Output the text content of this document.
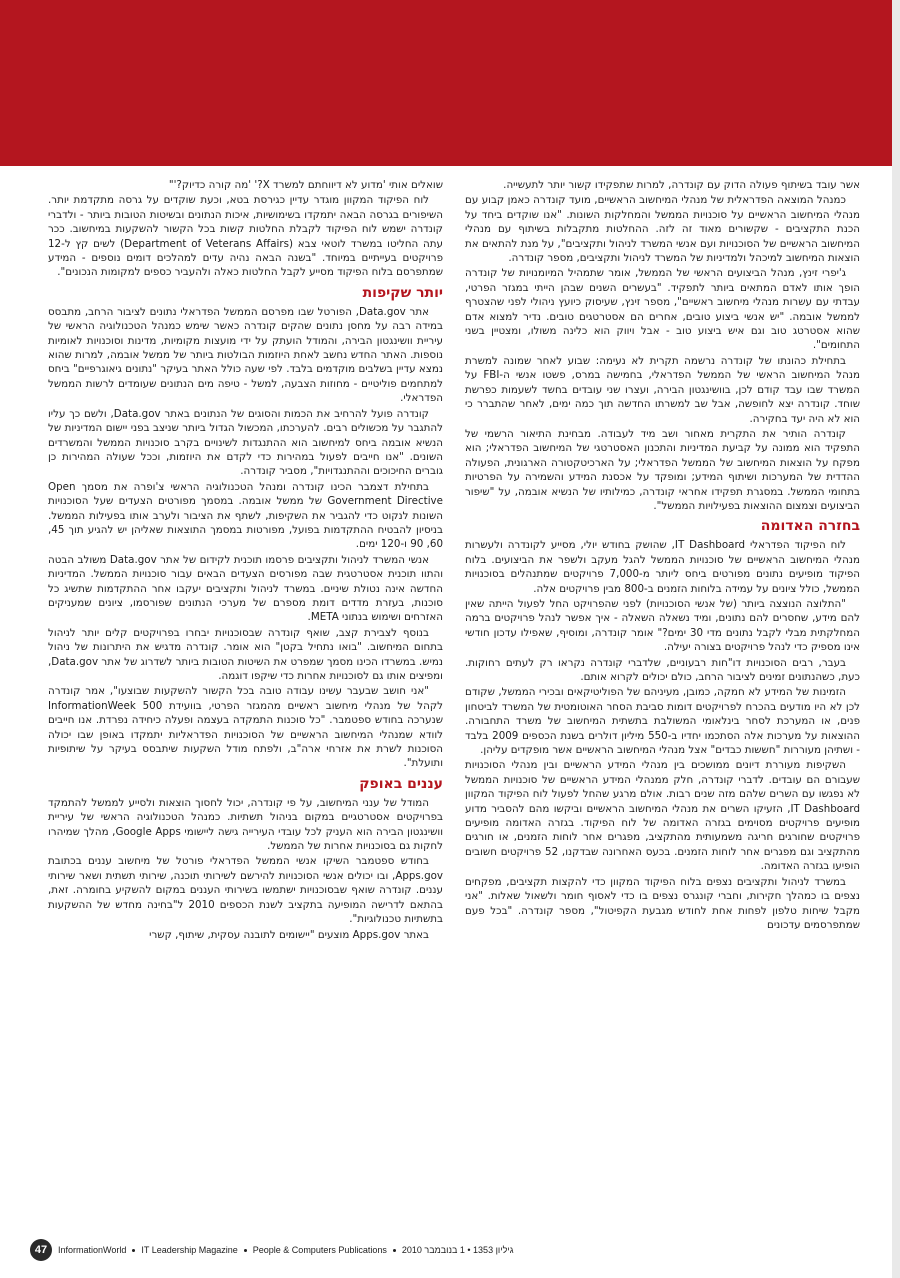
אשר עובד בשיתוף פעולה הדוק עם קונדרה, למרות שתפקידו קשור יותר לתעשייה.

כמנהל המוצאה הפדראלית של מנהלי המיחשוב הראשיים, מועד קונדרה כאמן קבוע עם מנהלי המיחשוב הראשיים על סוכנויות הממשל והמחלקות השונות. "אנו שוקדים ביחד על הכנת התקציבים - שקשורים מאוד זה לזה. ההחלטות מתקבלות בשיתוף עם מנהלי המיחשוב הראשיים של הסוכנויות ועם אנשי המשרד לניהול ותקציבים", על מנת להתאים את הוצאות המיחשוב למיכהל ולמדיניות של המשרד לניהול ותקציבים, מספר קונדרה.

ג'יפרי זינץ, מנהל הביצועים הראשי של הממשל, אומר שתמהיל המיומנויות של קונדרה הופך אותו לאדם המתאים ביותר לתפקיד. "בעשרים השנים שבהן הייתי במגזר הפרטי, עבדתי עם עשרות מנהלי מיחשוב ראשיים", מספר זינץ, שעיסוק כיועץ ניהולי לפני שהצטרף לממשל אובמה. "יש אנשי ביצוע טובים, אחרים הם אסטרטגים טובים. נדיר למצוא אדם שהוא אסטרטג טוב וגם איש ביצוע טוב - אבל ויווק הוא כלינה משולו, ומצטיין בשני התחומים".

בתחילת כהונתו של קונדרה נרשמה תקרית לא נעימה: שבוע לאחר שמונה למשרת מנהל המיחשוב הראשי של הממשל הפדראלי, בחמישה במרס, פשטו אנשי ה-FBI על המשרד שבו עבד קודם לכן, בוושינגטון הבירה, ועצרו שני עובדים בחשד לשעמות כפרשת שוחד. קונדרה יצא לחופשה, אבל שב למשרתו החדשה תוך כמה ימים, לאחר שהתברר כי הוא לא היה יעד בחקירה.

קונדרה הותיר את התקרית מאחור ושב מיד לעבודה. מבחינת התיאור הרשמי של התפקיד הוא ממונה על קביעת המדיניות והתכנון האסטרטגי של המיחשוב הפדראלי; הוא מפקח על הוצאות המיחשוב של הממשל הפדראלי; על הארכיטקטורה הארגונית, הפעולה ההדדית של המערכות ושיתוף המידע; ומופקד על אכסנת המידע והשמירה על הפרטיות בתחומי הממשל. במסגרת תפקידו אחראי קונדרה, כמילותיו של הנשיא אובמה, על "שיפור הביצועים וצמצום ההוצאות בפעילויות הממשל".

בחזרה האדומה

לוח הפיקוד הפדראלי IT Dashboard, שהושק בחודש יולי, מסייע לקונדרה ולעשרות מנהלי המיחשוב הראשיים של סוכנויות הממשל להגל מעקב ולשפר את הביצועים. בלוח הפיקוד מופיעים נתונים מפורטים ביחס ליותר מ-7,000 פרויקטים שמתנהלים בסוכנויות הממשל, כולל ציונים על עמידה בלוחות הזמנים ב-800 מבין פרויקטים אלה.

"התלוצה הנוצצה ביותר (של אנשי הסוכנויות) לפני שהפרויקט החל לפעול הייתה שאין להם מידע, שחסרים להם נתונים, ומיד נשאלה השאלה - איך אפשר לנהל פרויקטים ברמה המחלקתית מבלי לקבל נתונים מדי 30 ימים?" אומר קונדרה, ומוסיף, שאפילו עדכון חודשי אינו מספיק כדי לנהל פרויקטים בצורה יעילה.

בעבר, רבים הסוכנויות דו"חות רבעוניים, שלדברי קונדרה נקראו רק לעתים רחוקות. כעת, כשהנתונים זמינים לציבור הרחב, כולם יכולים לקרוא אותם.

הזמינות של המידע לא חמקה, כמובן, מעיניהם של הפוליטיקאים ובכירי הממשל, שקודם לכן לא היו מודעים בהכרח לפרויקטים דומות סביבת הסחר האוטומטית של המשרד לביטחון פנים, או המערכת לסחר בינלאומי המשולבת בתשתית המיחשוב של משרד התחבורה. ההוצאות על מערכות אלה הסתכמו יחדיו ב-550 מיליון דולרים בשנת הכספים 2009 בלבד - ושתיהן מעוררות "חששות כבדים" אצל מנהלי המיחשוב הראשיים אשר מופקדים עליהן.

השקיפות מעוררת דיונים ממושכים בין מנהלי המידע הראשיים ובין מנהלי הסוכנויות שעבורם הם עובדים. לדברי קונדרה, חלק ממנהלי המידע הראשיים של סוכנויות הממשל לא נפגשו עם השרים שלהם מזה שנים רבות. אולם מרגע שהחל לפעול לוח הפיקוד המקוון IT Dashboard, הזעיקו השרים את מנהלי המיחשוב הראשיים וביקשו מהם להסביר מדוע מופיעים פרויקטים מסוימים בגזרה האדומה של לוח הפיקוד. בגזרה האדומה מופיעים פרויקטים שחורגים חריגה משמעותית מהתקציב, מפגרים אחר לוחות הזמנים, או חורגים מהתקציב וגם מפגרים אחר לוחות הזמנים. בכעס האחרונה שבדקנו, 52 פרויקטים חשובים הופיעו בגזרה האדומה.

במשרד לניהול ותקציבים נצפים בלוח הפיקוד המקוון כדי להקצות תקציבים, מפקחים נצפים בו כמהלך חקירות, וחברי קונגרס נצפים בו כדי לאסוף חומר ולשאול שאלות. "אני מקבל שיחות טלפון לפחות אחת לחודש מגבעת הקפיטול", מספר קונדרה. "בכל פעם שמתפרסמים עדכונים

שואלים אותי 'מדוע לא דיווחתם למשרד X?' 'מה קורה כדיוק?'"

לוח הפיקוד המקוון מוגדר עדיין כגירסת בטא, וכעת שוקדים על גרסה מתקדמת יותר. השיפורים בגרסה הבאה יתמקדו בשימושיות, איכות הנתונים ובשיטות הטובות ביותר - ולדברי קונדרה ישמש לוח הפיקוד לקבלת החלטות קשות בכל הקשור להשקעות במיחשוב. ככר עתה החליטו במשרד לוטאי צבא (Department of Veterans Affairs) לשים קץ ל-12 פרויקטים בעייתיים במיוחד. "בשנה הבאה נהיה עדים למהלכים דומים נוספים - המידע שמתפרסם בלוח הפיקוד מסייע לקבל החלטות כאלה ולהעביר כספים למקומות הנכונים".

יותר שקיפות

אתר Data.gov, הפורטל שבו מפרסם הממשל הפדראלי נתונים לציבור הרחב, מתבסס במידה רבה על מחסן נתונים שהקים קונדרה כאשר שימש כמנהל הטכנולוגיה הראשי של עיריית וושינגטון הבירה, והמודל הועתק על ידי מועצות מקומיות, מדינות וסוכנויות לאומיות נוספות. האתר החדש נחשב לאחת היוזמות הבולטות ביותר של ממשל אובמה, למרות שהוא נמצא עדיין בשלבים מוקדמים בלבד. לפי שעה כולל האתר בעיקר "נתונים גיאוגרפיים" ביחס למתחמים פוליטיים - מחוזות הצבעה, למשל - טיפה מים הנתונים שעומדים לרשות הממשל הפדראלי.

קונדרה פועל להרחיב את הכמות והסוגים של הנתונים באתר Data.gov, ולשם כך עליו להתגבר על מכשולים רבים. להערכתו, המכשול הגדול ביותר שניצב בפני יישום המדיניות של הנשיא אובמה ביחס למיחשוב הוא ההתנגדות לשינויים בקרב סוכנויות הממשל והמשרדים השונים. "אנו חייבים לפעול במהירות כדי לקדם את היוזמות, וככל שעולה המהירות כן גוברים החיכוכים וההתנגדויות", מסביר קונדרה.

בתחילת דצמבר הכינו קונדרה ומנהל הטכנולוגיה הראשי צ'ופרה את מסמך Open Government Directive של ממשל אובמה. במסמך מפורטים הצעדים שעל הסוכנויות השונות לנקוט כדי להגביר את השקיפות, לשתף את הציבור ולערב אותו בפעילות הממשל. בניסיון להבטיח ההתקדמות בפועל, מפורטות במסמך התוצאות שאליהן יש להגיע תוך 45, 60, 90 ו-120 ימים.

אנשי המשרד לניהול ותקציבים פרסמו תוכנית לקידום של אתר Data.gov משולב הבטה והתוו תוכנית אסטרטגית שבה מפורסים הצעדים הבאים עבור סוכנויות הממשל. המדיניות החדשה אינה נטולת שיניים. במשרד לניהול ותקציבים יעקבו אחר ההתקדמות שתשיג כל סוכנות, בעזרת מדדים דומת מספרם של מערכי הנתונים שפורסמו, ציונים שמעניקים האזרחים ושימוש בנתוני META.

בנוסף לצבירת קצב, שואף קונדרה שבסוכנויות יבחרו בפרויקטים קלים יותר לניהול בתחום המיחשוב. "בואו נתחיל בקטן" הוא אומר. קונדרה מדגיש את היתרונות של ניהול נמיש. במשרדו הכינו מסמך שמפרט את השיטות הטובות ביותר לשדרוג של אתר Data.gov, ומפיצים אותו גם לסוכנויות אחרות כדי שיקפו דוגמה.

"אני חושב שבעבר עשינו עבודה טובה בכל הקשור להשקעות שבוצעו", אמר קונדרה לקהל של מנהלי מיחשוב ראשיים מהמגזר הפרטי, בוועידת 500 InformationWeek שנערכה בחודש ספטמבר. "כל סוכנות התמקדה בעצמה ופעלה כיחידה נפרדת. אנו חייבים לוודא שמנהלי המיחשוב הראשיים של הסוכנויות הפדראליות יתמקדו באופן שבו יכולה הסוכנות לשרת את אזרחי ארה"ב, ולפתח מודל השקעות שיתבסס בעיקר על שיתופיות ותועלת".

עננים באופק

המודל של ענני המיחשוב, על פי קונדרה, יכול לחסוך הוצאות ולסייע לממשל להתמקד בפרויקטים אסטרטגיים במקום בניהול תשתיות. כמנהל הטכנולוגיה הראשי של עיריית וושינגטון הבירה הוא העניק לכל עובדי העירייה גישה ליישומי Google Apps, מהלך שמיהרו לחקות גם בסוכנויות אחרות של הממשל.

בחודש ספטמבר השיקו אנשי הממשל הפדראלי פורטל של מיחשוב עננים בכתובת Apps.gov, ובו יכולים אנשי הסוכנויות להירשם לשירותי תוכנה, שירותי תשתית ושאר שירותי עננים. קונדרה שואף שבסוכנויות ישתמשו בשירותי העננים במקום להשקיע בחומרה. זאת, בהתאם לדרישה המופיעה בתקציב לשנת הכספים 2010 ל"בחינה מחדש של ההשקעות בתשתיות טכנולוגיות".

באתר Apps.gov מוצעים "יישומים לתובנה עסקית, שיתוף, קשרי

47	InformationWorld IT Leadership Magazine People & Computers Publications גיליון 1353 • 1 בנובמבר 2010
